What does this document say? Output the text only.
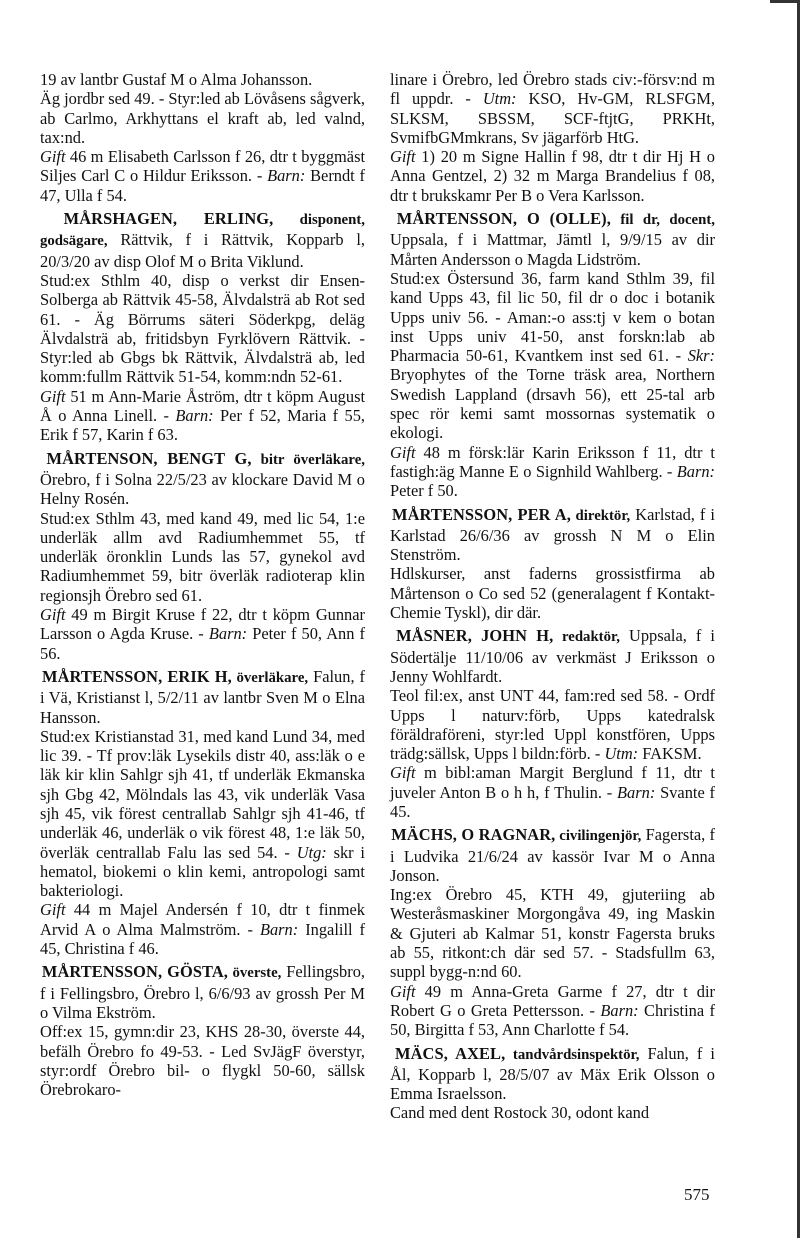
19 av lantbr Gustaf M o Alma Johansson.

Äg jordbr sed 49. - Styr:led ab Lövåsens sågverk, ab Carlmo, Arkhyttans el kraft ab, led valnd, tax:nd.

Gift 46 m Elisabeth Carlsson f 26, dtr t byggmäst Siljes Carl C o Hildur Eriksson. - Barn: Berndt f 47, Ulla f 54.

MÅRSHAGEN, ERLING, disponent, godsägare, Rättvik, f i Rättvik, Kopparb l, 20/3/20 av disp Olof M o Brita Viklund.

Stud:ex Sthlm 40, disp o verkst dir Ensen-Solberga ab Rättvik 45-58, Älvdalsträ ab Rot sed 61. - Äg Börrums säteri Söderkpg, deläg Älvdalsträ ab, fritidsbyn Fyrklövern Rättvik. - Styr:led ab Gbgs bk Rättvik, Älvdalsträ ab, led komm:fullm Rättvik 51-54, komm:ndn 52-61.

Gift 51 m Ann-Marie Åström, dtr t köpm August Å o Anna Linell. - Barn: Per f 52, Maria f 55, Erik f 57, Karin f 63.

MÅRTENSON, BENGT G, bitr överläkare, Örebro, f i Solna 22/5/23 av klockare David M o Helny Rosén.

Stud:ex Sthlm 43, med kand 49, med lic 54, 1:e underläk allm avd Radiumhemmet 55, tf underläk öronklin Lunds las 57, gynekol avd Radiumhemmet 59, bitr överläk radioterap klin regionsjh Örebro sed 61.

Gift 49 m Birgit Kruse f 22, dtr t köpm Gunnar Larsson o Agda Kruse. - Barn: Peter f 50, Ann f 56.

MÅRTENSSON, ERIK H, överläkare, Falun, f i Vä, Kristianst l, 5/2/11 av lantbr Sven M o Elna Hansson.

Stud:ex Kristianstad 31, med kand Lund 34, med lic 39. - Tf prov:läk Lysekils distr 40, ass:läk o e läk kir klin Sahlgr sjh 41, tf underläk Ekmanska sjh Gbg 42, Mölndals las 43, vik underläk Vasa sjh 45, vik förest centrallab Sahlgr sjh 41-46, tf underläk 46, underläk o vik förest 48, 1:e läk 50, överläk centrallab Falu las sed 54. - Utg: skr i hematol, biokemi o klin kemi, antropologi samt bakteriologi.

Gift 44 m Majel Andersén f 10, dtr t finmek Arvid A o Alma Malmström. - Barn: Ingalill f 45, Christina f 46.

MÅRTENSSON, GÖSTA, överste, Fellingsbro, f i Fellingsbro, Örebro l, 6/6/93 av grossh Per M o Vilma Ekström.

Off:ex 15, gymn:dir 23, KHS 28-30, överste 44, befälh Örebro fo 49-53. - Led SvJägF överstyr, styr:ordf Örebro bil- o flygkl 50-60, sällsk Örebrokaro-

linare i Örebro, led Örebro stads civ:-försv:nd m fl uppdr. - Utm: KSO, Hv-GM, RLSFGM, SLKSM, SBSSM, SCF-ftjtG, PRKHt, SvmifbGMmkrans, Sv jägarförb HtG.

Gift 1) 20 m Signe Hallin f 98, dtr t dir Hj H o Anna Gentzel, 2) 32 m Marga Brandelius f 08, dtr t brukskamr Per B o Vera Karlsson.

MÅRTENSSON, O (OLLE), fil dr, docent, Uppsala, f i Mattmar, Jämtl l, 9/9/15 av dir Mårten Andersson o Magda Lidström.

Stud:ex Östersund 36, farm kand Sthlm 39, fil kand Upps 43, fil lic 50, fil dr o doc i botanik Upps univ 56. - Aman:-o ass:tj v kem o botan inst Upps univ 41-50, anst forskn:lab ab Pharmacia 50-61, Kvantkem inst sed 61. - Skr: Bryophytes of the Torne träsk area, Northern Swedish Lappland (drsavh 56), ett 25-tal arb spec rör kemi samt mossornas systematik o ekologi.

Gift 48 m försk:lär Karin Eriksson f 11, dtr t fastigh:äg Manne E o Signhild Wahlberg. - Barn: Peter f 50.

MÅRTENSSON, PER A, direktör, Karlstad, f i Karlstad 26/6/36 av grossh N M o Elin Stenström.

Hdlskurser, anst faderns grossistfirma ab Mårtenson o Co sed 52 (generalagent f Kontakt-Chemie Tyskl), dir där.

MÅSNER, JOHN H, redaktör, Uppsala, f i Södertälje 11/10/06 av verkmäst J Eriksson o Jenny Wohlfardt.

Teol fil:ex, anst UNT 44, fam:red sed 58. - Ordf Upps l naturv:förb, Upps katedralsk föräldraföreni, styr:led Uppl konstfören, Upps trädg:sällsk, Upps l bildn:förb. - Utm: FAKSM.

Gift m bibl:aman Margit Berglund f 11, dtr t juveler Anton B o h h, f Thulin. - Barn: Svante f 45.

MÄCHS, O RAGNAR, civilingenjör, Fagersta, f i Ludvika 21/6/24 av kassör Ivar M o Anna Jonson.

Ing:ex Örebro 45, KTH 49, gjuteriing ab Westeråsmaskiner Morgongåva 49, ing Maskin & Gjuteri ab Kalmar 51, konstr Fagersta bruks ab 55, ritkont:ch där sed 57. - Stadsfullm 63, suppl bygg-n:nd 60.

Gift 49 m Anna-Greta Garme f 27, dtr t dir Robert G o Greta Pettersson. - Barn: Christina f 50, Birgitta f 53, Ann Charlotte f 54.

MÄCS, AXEL, tandvårdsinspektör, Falun, f i Ål, Kopparb l, 28/5/07 av Mäx Erik Olsson o Emma Israelsson.

Cand med dent Rostock 30, odont kand

575
